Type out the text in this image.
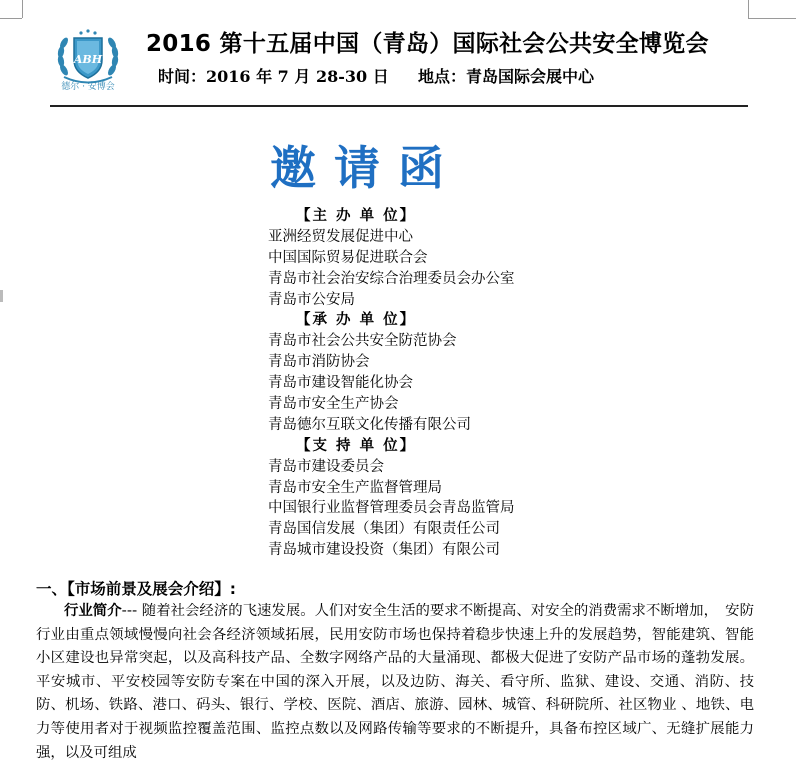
ABH
德尔 · 安博会
2016 第十五届中国（青岛）国际社会公共安全博览会
时间：2016 年 7 月 28-30 日 地点：青岛国际会展中心
邀请函
【主 办 单 位】
亚洲经贸发展促进中心
中国国际贸易促进联合会
青岛市社会治安综合治理委员会办公室
青岛市公安局
【承 办 单 位】
青岛市社会公共安全防范协会
青岛市消防协会
青岛市建设智能化协会
青岛市安全生产协会
青岛德尔互联文化传播有限公司
【支 持 单 位】
青岛市建设委员会
青岛市安全生产监督管理局
中国银行业监督管理委员会青岛监管局
青岛国信发展（集团）有限责任公司
青岛城市建设投资（集团）有限公司
一、【市场前景及展会介绍】:

行业简介--- 随着社会经济的飞速发展。人们对安全生活的要求不断提高、对安全的消费需求不断增加，　安防行业由重点领域慢慢向社会各经济领域拓展，民用安防市场也保持着稳步快速上升的发展趋势，智能建筑、智能小区建设也异常突起，以及高科技产品、全数字网络产品的大量涌现、都极大促进了安防产品市场的蓬勃发展。平安城市、平安校园等安防专案在中国的深入开展，以及边防、海关、看守所、监狱、建设、交通、消防、技防、机场、铁路、港口、码头、银行、学校、医院、酒店、旅游、园林、城管、科研院所、社区物业 、地铁、电力等使用者对于视频监控覆盖范围、监控点数以及网路传输等要求的不断提升，具备布控区域广、无缝扩展能力强，以及可组成
